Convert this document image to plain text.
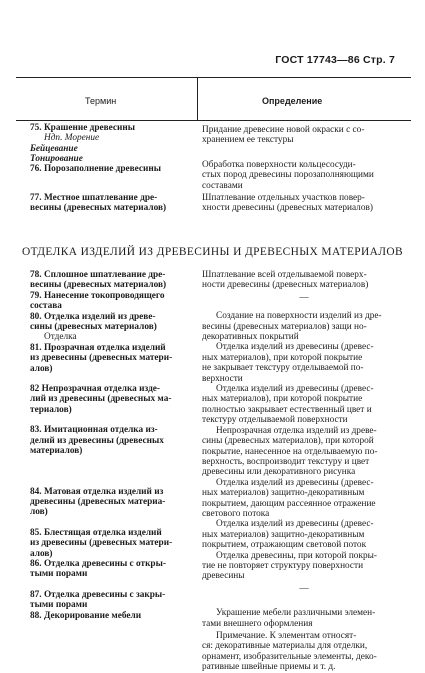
ГОСТ 17743—86 Стр. 7
Термин	Определение

75. Крашение древесины

Ндп. Морение

Бейцевание

Тонирование

Придание древесине новой окраски с со-

хранением ее текстуры

76. Порозаполнение древесины	Обработка поверхности кольцесосуди-

стых пород древесины порозаполняющими

составами

77. Местное шпатлевание дре-

весины (древесных материалов)

Шпатлевание отдельных участков повер-

хности древесины (древесных материалов)

ОТДЕЛКА ИЗДЕЛИЙ ИЗ ДРЕВЕСИНЫ И ДРЕВЕСНЫХ МАТЕРИАЛОВ

78. Сплошное шпатлевание дре-

весины (древесных материалов)

79. Нанесение токопроводящего

состава

80. Отделка изделий из древе-

сины (древесных материалов)

Отделка

81. Прозрачная отделка изделий

из древесины (древесных матери-

алов)

82 Непрозрачная отделка изде-

лий из древесины (древесных ма-

териалов)

83. Имитационная отделка из-

делий из древесины (древесных

материалов)

84. Матовая отделка изделий из

древесины (древесных материа-

лов)

85. Блестящая отделка изделий

из древесины (древесных матери-

алов)

86. Отделка древесины с откры-

тыми порами

87. Отделка древесины с закры-

тыми порами

88. Декорирование мебели

Шпатлевание всей отделываемой поверх-

ности древесины (древесных материалов)

—

Создание на поверхности изделий из дре-

весины (древесных материалов) защи но-

декоративных покрытий

Отделка изделий из древесины (древес-

ных материалов), при которой покрытие

не закрывает текстуру отделываемой по-

верхности

Отделка изделий из древесины (древес-

ных материалов), при которой покрытие

полностью закрывает естественный цвет и

текстуру отделываемой поверхности

Непрозрачная отделка изделий из древе-

сины (древесных материалов), при которой

покрытие, нанесенное на отделываемую по-

верхность, воспроизводит текстуру и цвет

древесины или декоративного рисунка

Отделка изделий из древесины (древес-

ных материалов) защитно-декоративным

покрытием, дающим рассеянное отражение

светового потока

Отделка изделий из древесины (древес-

ных материалов) защитно-декоративным

покрытием, отражающим световой поток

Отделка древесины, при которой покры-

тие не повторяет структуру поверхности

древесины

—

Украшение мебели различными элемен-

тами внешнего оформления

Примечание. К элементам относят-

ся: декоративные материалы для отделки,

орнамент, изобразительные элементы, деко-

ративные швейные приемы и т. д.
